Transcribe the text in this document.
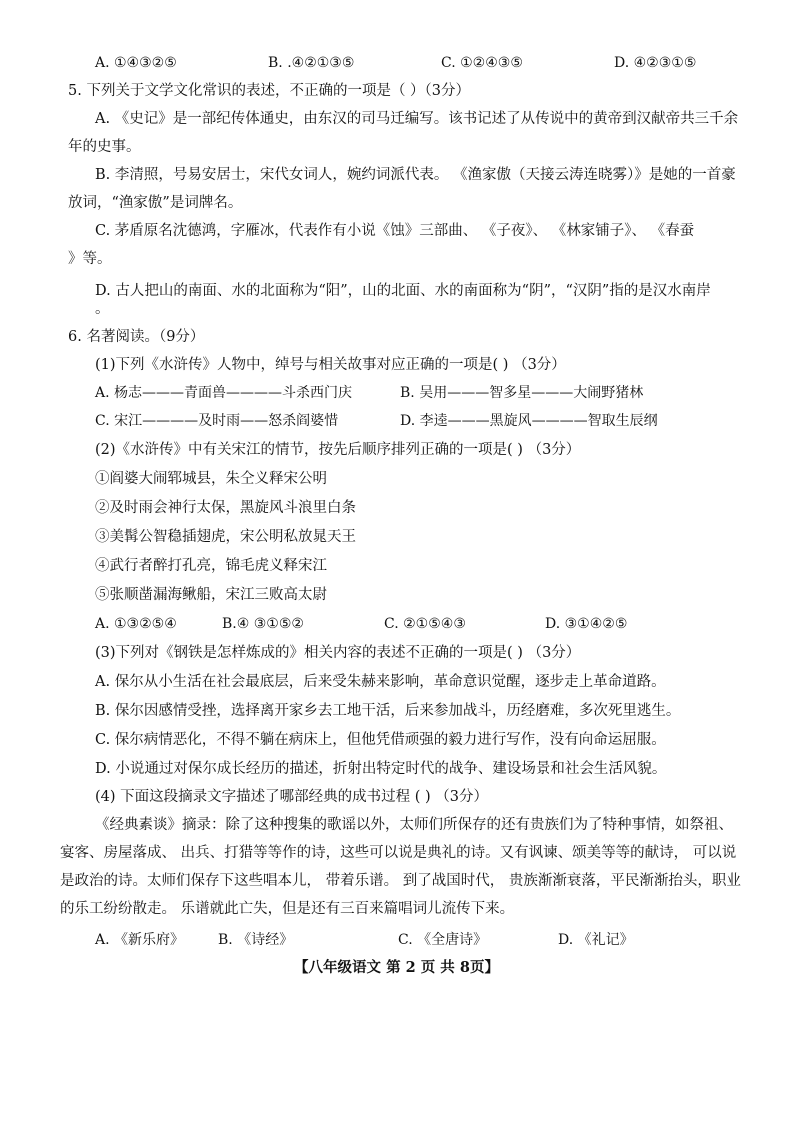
A. ①④③②⑤	B. .④②①③⑤	C. ①②④③⑤	D. ④②③①⑤
5. 下列关于文学文化常识的表述，不正确的一项是（ ）（3分）
A. 《史记》是一部纪传体通史，由东汉的司马迁编写。该书记述了从传说中的黄帝到汉献帝共三千余
年的史事。
B. 李清照，号易安居士，宋代女词人，婉约词派代表。 《渔家傲（天接云涛连晓雾）》是她的一首豪
放词，“渔家傲”是词牌名。
C. 茅盾原名沈德鸿，字雁冰，代表作有小说《蚀》三部曲、 《子夜》、 《林家铺子》、 《春蚕
》等。
D. 古人把山的南面、水的北面称为“阳”，山的北面、水的南面称为“阴”，“汉阴”指的是汉水南岸
。
6. 名著阅读。（9分）
(1)下列《水浒传》人物中，绰号与相关故事对应正确的一项是( ) （3分）
A. 杨志———青面兽————斗杀西门庆	B. 吴用———智多星———大闹野猪林
C. 宋江————及时雨——怒杀阎婆惜	D. 李逵———黑旋风————智取生辰纲
(2)《水浒传》中有关宋江的情节，按先后顺序排列正确的一项是( ) （3分）
①阎婆大闹郓城县，朱仝义释宋公明
②及时雨会神行太保，黑旋风斗浪里白条
③美髯公智稳插翅虎，宋公明私放晁天王
④武行者醉打孔亮，锦毛虎义释宋江
⑤张顺凿漏海鳅船，宋江三败高太尉
A. ①③②⑤④	B.④ ③①⑤②	C. ②①⑤④③	D. ③①④②⑤
(3)下列对《钢铁是怎样炼成的》相关内容的表述不正确的一项是( ) （3分）
A. 保尔从小生活在社会最底层，后来受朱赫来影响，革命意识觉醒，逐步走上革命道路。
B. 保尔因感情受挫，选择离开家乡去工地干活，后来参加战斗，历经磨难，多次死里逃生。
C. 保尔病情恶化，不得不躺在病床上，但他凭借顽强的毅力进行写作，没有向命运屈服。
D. 小说通过对保尔成长经历的描述，折射出特定时代的战争、建设场景和社会生活风貌。
(4) 下面这段摘录文字描述了哪部经典的成书过程 ( ) （3分）
《经典素谈》摘录：除了这种搜集的歌谣以外，太师们所保存的还有贵族们为了特种事情，如祭祖、
宴客、房屋落成、 出兵、打猎等等作的诗，这些可以说是典礼的诗。又有讽谏、颂美等等的献诗， 可以说
是政治的诗。太师们保存下这些唱本儿， 带着乐谱。 到了战国时代， 贵族渐渐衰落，平民渐渐抬头，职业
的乐工纷纷散走。 乐谱就此亡失，但是还有三百来篇唱词儿流传下来。
A. 《新乐府》 B. 《诗经》	C. 《全唐诗》	D. 《礼记》
【八年级语文 第 2 页 共 8页】
